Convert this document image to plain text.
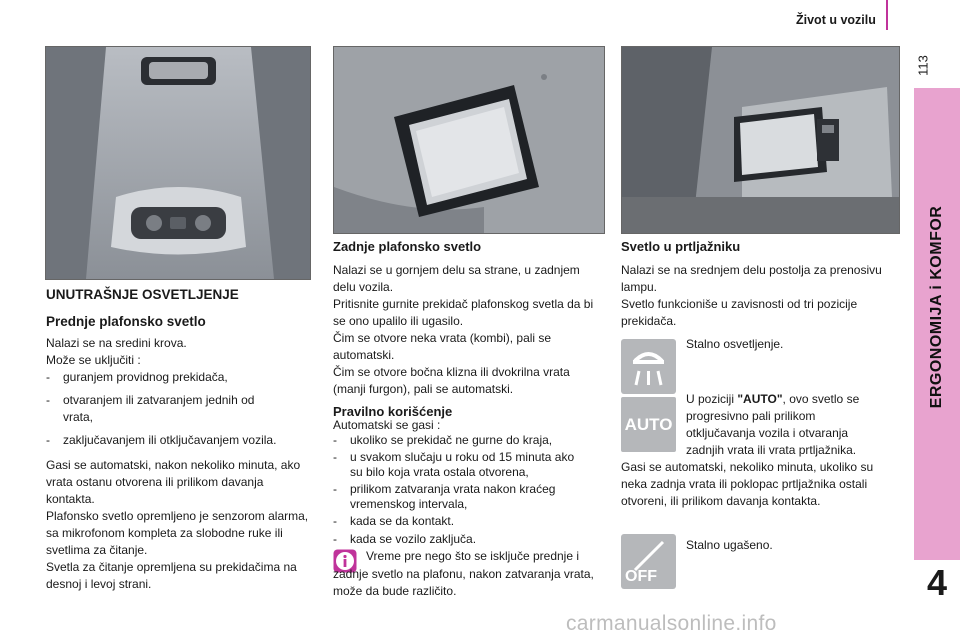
Život u vozilu
113
ERGONOMIJA i KOMFOR
4
UNUTRAŠNJE OSVETLJENJE
Prednje plafonsko svetlo
Nalazi se na sredini krova.
Može se uključiti :
- guranjem providnog prekidača,
- otvaranjem ili zatvaranjem jednih od vrata,
- zaključavanjem ili otključavanjem vozila.
Gasi se automatski, nakon nekoliko minuta, ako vrata ostanu otvorena ili prilikom davanja kontakta.
Plafonsko svetlo opremljeno je senzorom alarma, sa mikrofonom kompleta za slobodne ruke ili svetlima za čitanje.
Svetla za čitanje opremljena su prekidačima na desnoj i levoj strani.
Zadnje plafonsko svetlo
Nalazi se u gornjem delu sa strane, u zadnjem delu vozila.
Pritisnite gurnite prekidač plafonskog svetla da bi se ono upalilo ili ugasilo.
Čim se otvore neka vrata (kombi), pali se automatski.
Čim se otvore bočna klizna ili dvokrilna vrata (manji furgon), pali se automatski.
Pravilno korišćenje
Automatski se gasi :
- ukoliko se prekidač ne gurne do kraja,
- u svakom slučaju u roku od 15 minuta ako su bilo koja vrata ostala otvorena,
- prilikom zatvaranja vrata nakon kraćeg vremenskog intervala,
- kada se da kontakt.
- kada se vozilo zaključa.
Vreme pre nego što se isključe prednje i zadnje svetlo na plafonu, nakon zatvaranja vrata, može da bude različito.
Svetlo u prtljažniku
Nalazi se na srednjem delu postolja za prenosivu lampu.
Svetlo funkcioniše u zavisnosti od tri pozicije prekidača.
Stalno osvetljenje.
AUTO
U poziciji "AUTO", ovo svetlo se progresivno pali prilikom otključavanja vozila i otvaranja zadnjih vrata ili vrata prtljažnika.
Gasi se automatski, nekoliko minuta, ukoliko su neka zadnja vrata ili poklopac prtljažnika ostali otvoreni, ili prilikom davanja kontakta.
OFF
Stalno ugašeno.
carmanualsonline.info
